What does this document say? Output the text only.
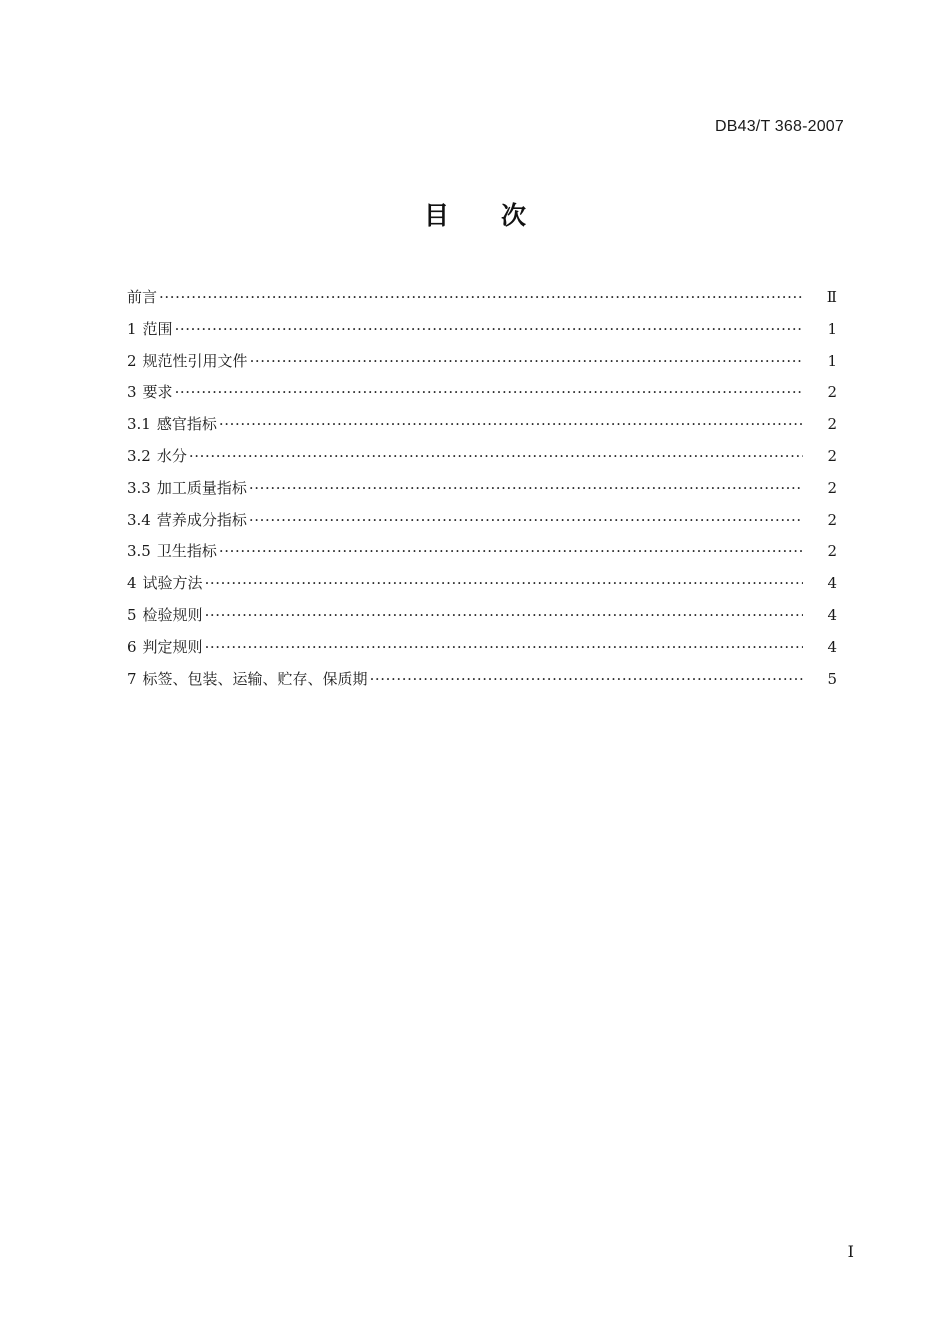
DB43/T 368-2007
目次
前言 ·····	Ⅱ
1 范围 ·····	1
2 规范性引用文件 ·····	1
3 要求 ·····	2
3.1 感官指标 ·····	2
3.2 水分 ·····	2
3.3 加工质量指标 ·····	2
3.4 营养成分指标 ·····	2
3.5 卫生指标 ·····	2
4 试验方法 ·····	4
5 检验规则 ·····	4
6 判定规则 ·····	4
7 标签、包装、运输、贮存、保质期 ·····	5
I
